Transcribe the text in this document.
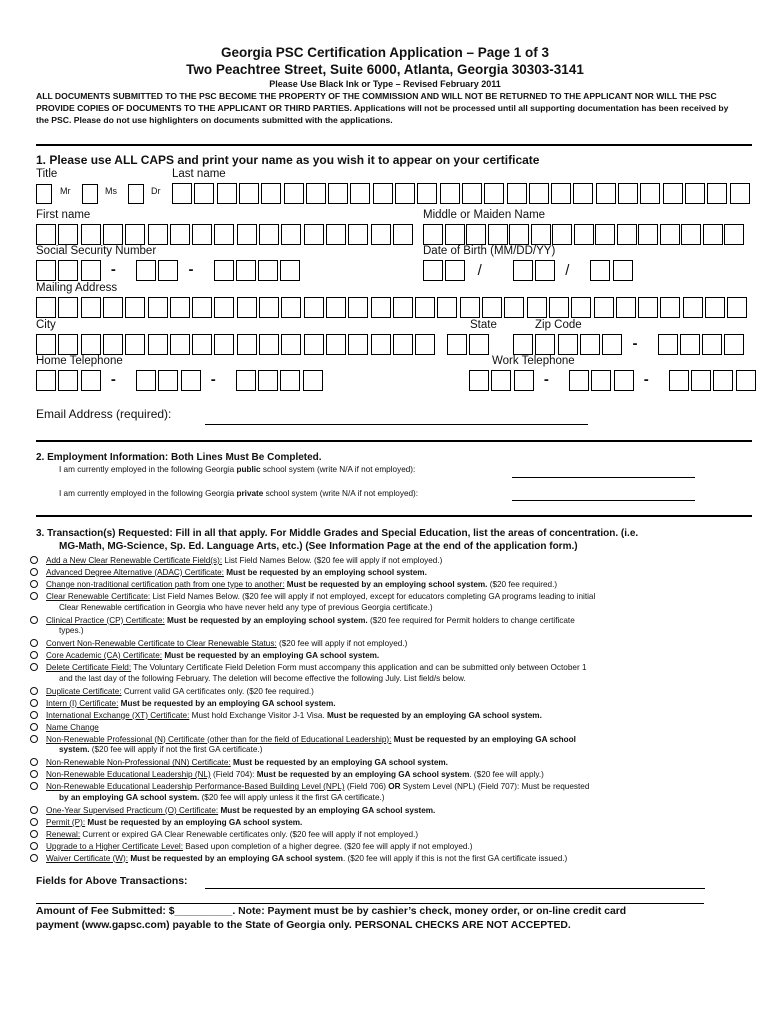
Georgia PSC Certification Application – Page 1 of 3
Two Peachtree Street, Suite 6000, Atlanta, Georgia 30303-3141
Please Use Black Ink or Type – Revised February 2011
ALL DOCUMENTS SUBMITTED TO THE PSC BECOME THE PROPERTY OF THE COMMISSION AND WILL NOT BE RETURNED TO THE APPLICANT NOR WILL THE PSC PROVIDE COPIES OF DOCUMENTS TO THE APPLICANT OR THIRD PARTIES. Applications will not be processed until all supporting documentation has been received by the PSC. Please do not use highlighters on documents submitted with the applications.
1. Please use ALL CAPS and print your name as you wish it to appear on your certificate
Title	Last name
Mr	Ms	Dr
First name	Middle or Maiden Name
Social Security Number	Date of Birth (MM/DD/YY)
Mailing Address
City	State	Zip Code
Home Telephone	Work Telephone
Email Address (required):
2. Employment Information: Both Lines Must Be Completed.
I am currently employed in the following Georgia public school system (write N/A if not employed):
I am currently employed in the following Georgia private school system (write N/A if not employed):
3. Transaction(s) Requested: Fill in all that apply. For Middle Grades and Special Education, list the areas of concentration. (i.e.
MG-Math, MG-Science, Sp. Ed. Language Arts, etc.) (See Information Page at the end of the application form.)
Add a New Clear Renewable Certificate Field(s): List Field Names Below. ($20 fee will apply if not employed.)
Advanced Degree Alternative (ADAC) Certificate: Must be requested by an employing school system.
Change non-traditional certification path from one type to another: Must be requested by an employing school system. ($20 fee required.)
Clear Renewable Certificate: List Field Names Below. ($20 fee will apply if not employed, except for educators completing GA programs leading to initial
Clear Renewable certification in Georgia who have never held any type of previous Georgia certificate.)
Clinical Practice (CP) Certificate: Must be requested by an employing school system. ($20 fee required for Permit holders to change certificate
types.)
Convert Non-Renewable Certificate to Clear Renewable Status: ($20 fee will apply if not employed.)
Core Academic (CA) Certificate: Must be requested by an employing GA school system.
Delete Certificate Field: The Voluntary Certificate Field Deletion Form must accompany this application and can be submitted only between October 1
and the last day of the following February. The deletion will become effective the following July. List field/s below.
Duplicate Certificate: Current valid GA certificates only. ($20 fee required.)
Intern (I) Certificate: Must be requested by an employing GA school system.
International Exchange (XT) Certificate: Must hold Exchange Visitor J-1 Visa. Must be requested by an employing GA school system.
Name Change
Non-Renewable Professional (N) Certificate (other than for the field of Educational Leadership): Must be requested by an employing GA school
system. ($20 fee will apply if not the first GA certificate.)
Non-Renewable Non-Professional (NN) Certificate: Must be requested by an employing GA school system.
Non-Renewable Educational Leadership (NL) (Field 704): Must be requested by an employing GA school system. ($20 fee will apply.)
Non-Renewable Educational Leadership Performance-Based Building Level (NPL) (Field 706) OR System Level (NPL) (Field 707): Must be requested
by an employing GA school system. ($20 fee will apply unless it the first GA certificate.)
One-Year Supervised Practicum (O) Certificate: Must be requested by an employing GA school system.
Permit (P): Must be requested by an employing GA school system.
Renewal: Current or expired GA Clear Renewable certificates only. ($20 fee will apply if not employed.)
Upgrade to a Higher Certificate Level: Based upon completion of a higher degree. ($20 fee will apply if not employed.)
Waiver Certificate (W): Must be requested by an employing GA school system. ($20 fee will apply if this is not the first GA certificate issued.)
Fields for Above Transactions:
Amount of Fee Submitted: $__________. Note: Payment must be by cashier’s check, money order, or on-line credit card
payment (www.gapsc.com) payable to the State of Georgia only. PERSONAL CHECKS ARE NOT ACCEPTED.
-	-	/	/
-
-	-	-	-
